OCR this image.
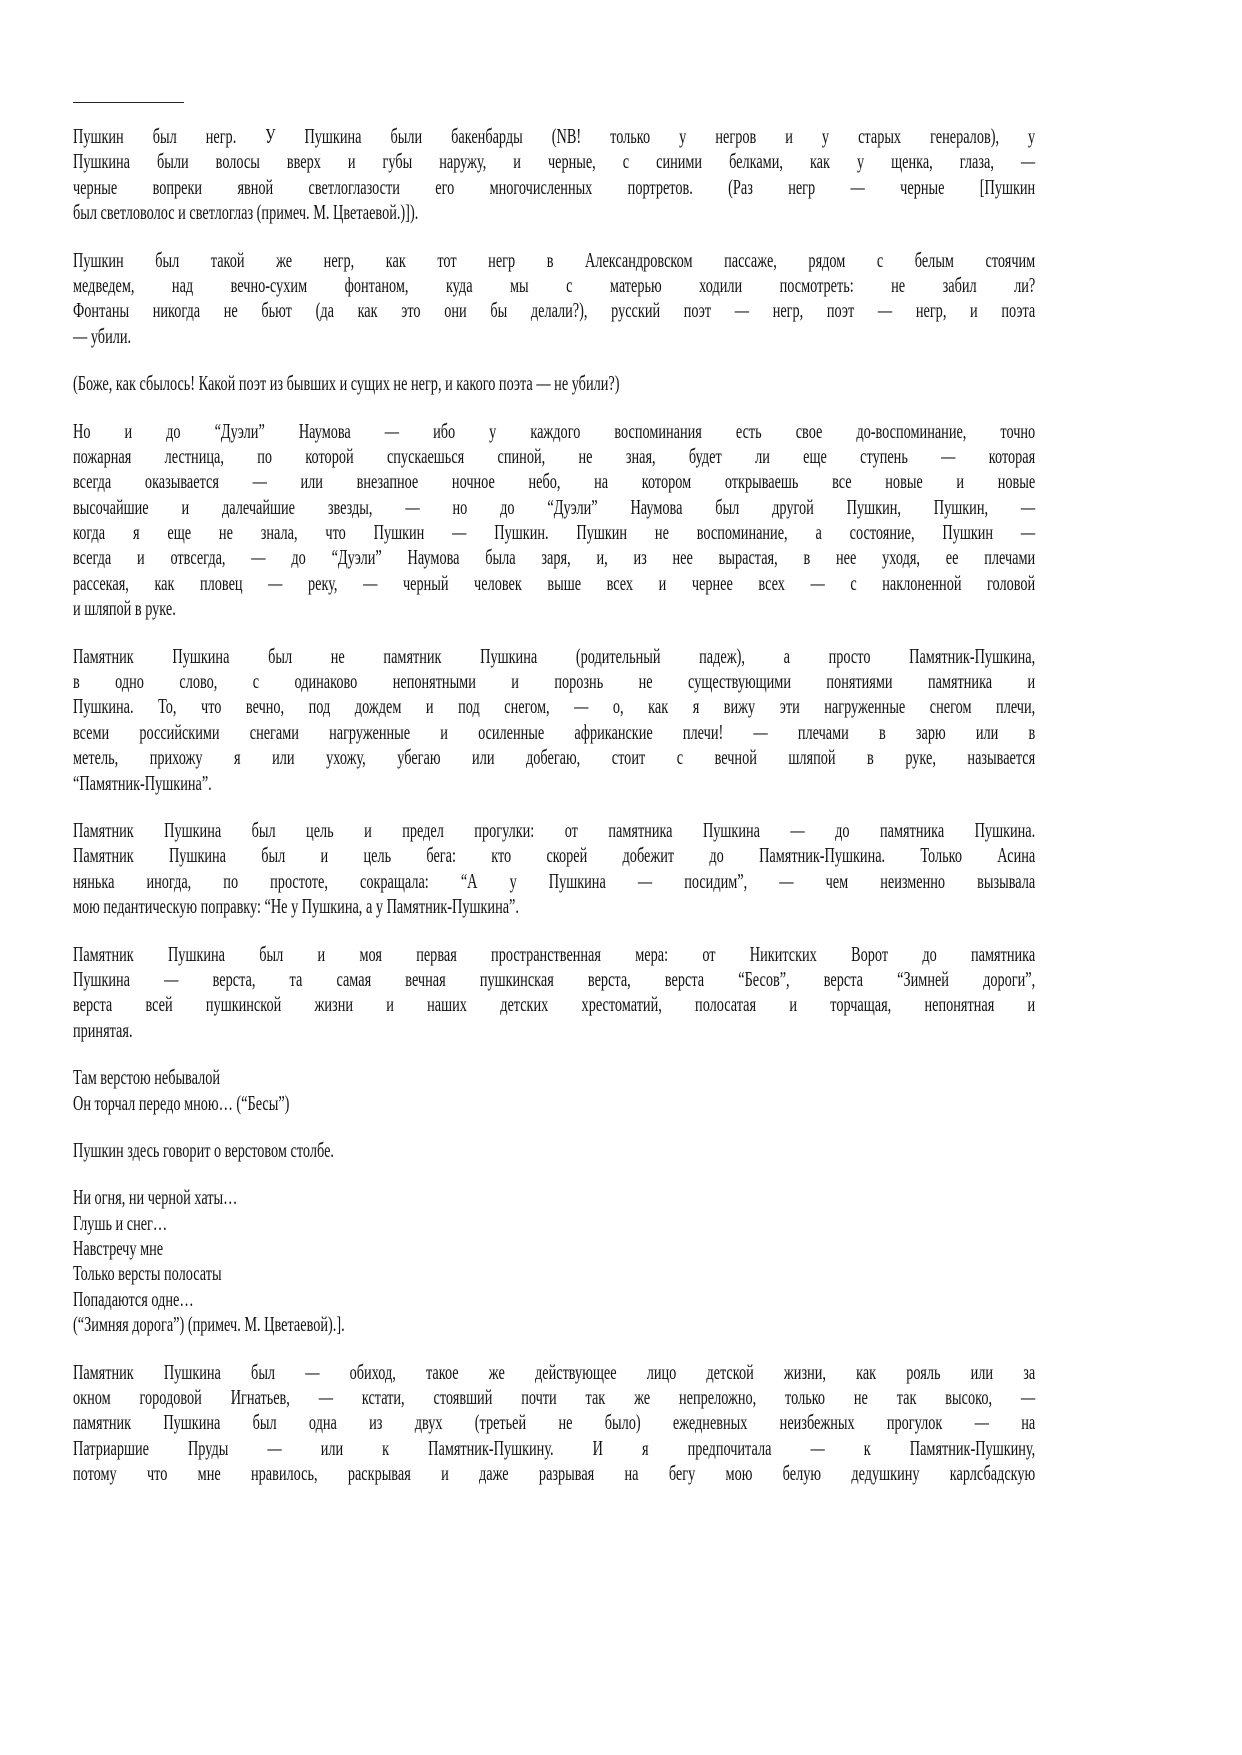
Пушкин был негр. У Пушкина были бакенбарды (NB! только у негров и у старых генералов), у
Пушкина были волосы вверх и губы наружу, и черные, с синими белками, как у щенка, глаза, —
черные вопреки явной светлоглазости его многочисленных портретов. (Раз негр — черные [Пушкин
был светловолос и светлоглаз (примеч. М. Цветаевой.)]).
Пушкин был такой же негр, как тот негр в Александровском пассаже, рядом с белым стоячим
медведем, над вечно-сухим фонтаном, куда мы с матерью ходили посмотреть: не забил ли?
Фонтаны никогда не бьют (да как это они бы делали?), русский поэт — негр, поэт — негр, и поэта
— убили.
(Боже, как сбылось! Какой поэт из бывших и сущих не негр, и какого поэта — не убили?)
Но и до “Дуэли” Наумова — ибо у каждого воспоминания есть свое до-воспоминание, точно
пожарная лестница, по которой спускаешься спиной, не зная, будет ли еще ступень — которая
всегда оказывается — или внезапное ночное небо, на котором открываешь все новые и новые
высочайшие и далечайшие звезды, — но до “Дуэли” Наумова был другой Пушкин, Пушкин, —
когда я еще не знала, что Пушкин — Пушкин. Пушкин не воспоминание, а состояние, Пушкин —
всегда и отвсегда, — до “Дуэли” Наумова была заря, и, из нее вырастая, в нее уходя, ее плечами
рассекая, как пловец — реку, — черный человек выше всех и чернее всех — с наклоненной головой
и шляпой в руке.
Памятник Пушкина был не памятник Пушкина (родительный падеж), а просто Памятник-Пушкина,
в одно слово, с одинаково непонятными и порознь не существующими понятиями памятника и
Пушкина. То, что вечно, под дождем и под снегом, — о, как я вижу эти нагруженные снегом плечи,
всеми российскими снегами нагруженные и осиленные африканские плечи! — плечами в зарю или в
метель, прихожу я или ухожу, убегаю или добегаю, стоит с вечной шляпой в руке, называется
“Памятник-Пушкина”.
Памятник Пушкина был цель и предел прогулки: от памятника Пушкина — до памятника Пушкина.
Памятник Пушкина был и цель бега: кто скорей добежит до Памятник-Пушкина. Только Асина
нянька иногда, по простоте, сокращала: “А у Пушкина — посидим”, — чем неизменно вызывала
мою педантическую поправку: “Не у Пушкина, а у Памятник-Пушкина”.
Памятник Пушкина был и моя первая пространственная мера: от Никитских Ворот до памятника
Пушкина — верста, та самая вечная пушкинская верста, верста “Бесов”, верста “Зимней дороги”,
верста всей пушкинской жизни и наших детских хрестоматий, полосатая и торчащая, непонятная и
принятая.
Там верстою небывалой
Он торчал передо мною… (“Бесы”)
Пушкин здесь говорит о верстовом столбе.
Ни огня, ни черной хаты…
Глушь и снег…
Навстречу мне
Только версты полосаты
Попадаются одне…
(“Зимняя дорога”) (примеч. М. Цветаевой).].
Памятник Пушкина был — обиход, такое же действующее лицо детской жизни, как рояль или за
окном городовой Игнатьев, — кстати, стоявший почти так же непреложно, только не так высоко, —
памятник Пушкина был одна из двух (третьей не было) ежедневных неизбежных прогулок — на
Патриаршие Пруды — или к Памятник-Пушкину. И я предпочитала — к Памятник-Пушкину,
потому что мне нравилось, раскрывая и даже разрывая на бегу мою белую дедушкину карлсбадскую
